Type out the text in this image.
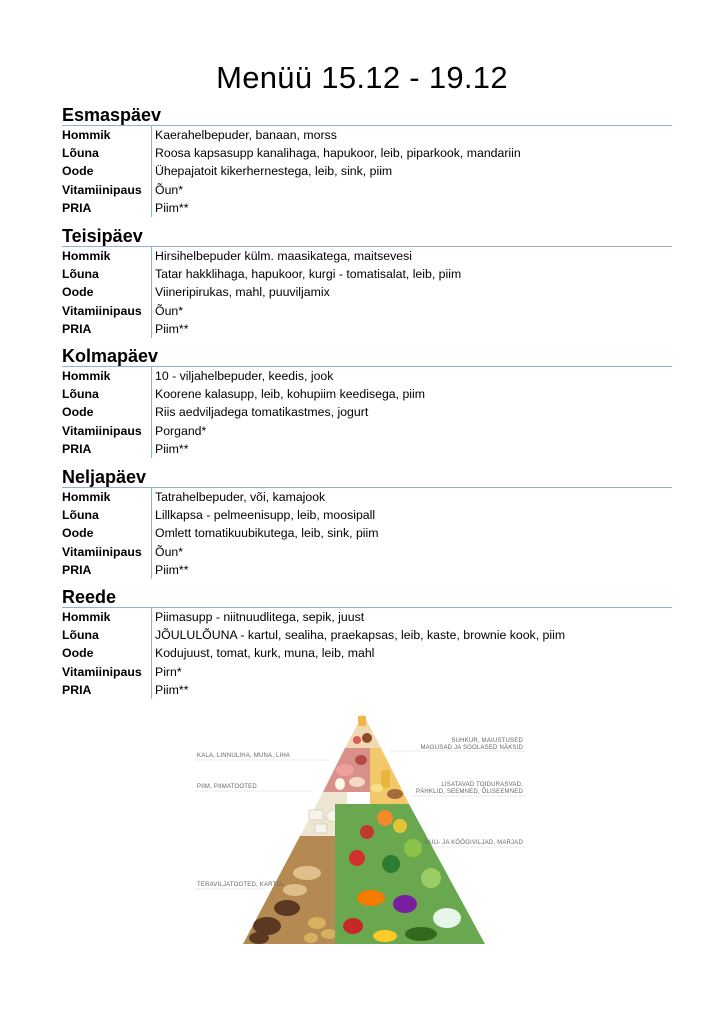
Menüü 15.12 - 19.12
Esmaspäev
Hommik	Kaerahelbepuder, banaan, morss
Lõuna	Roosa kapsasupp kanalihaga, hapukoor, leib, piparkook, mandariin
Oode	Ühepajatoit kikerhernestega, leib, sink, piim
Vitamiinipaus	Õun*
PRIA	Piim**
Teisipäev
Hommik	Hirsihelbepuder külm. maasikatega, maitsevesi
Lõuna	Tatar hakklihaga, hapukoor, kurgi - tomatisalat, leib, piim
Oode	Viineripirukas, mahl, puuviljamix
Vitamiinipaus	Õun*
PRIA	Piim**
Kolmapäev
Hommik	10 - viljahelbepuder, keedis, jook
Lõuna	Koorene kalasupp, leib, kohupiim keedisega, piim
Oode	Riis aedviljadega tomatikastmes, jogurt
Vitamiinipaus	Porgand*
PRIA	Piim**
Neljapäev
Hommik	Tatrahelbepuder, või, kamajook
Lõuna	Lillkapsa - pelmeenisupp, leib, moosipall
Oode	Omlett tomatikuubikutega, leib, sink, piim
Vitamiinipaus	Õun*
PRIA	Piim**
Reede
Hommik	Piimasupp - niitnuudlitega, sepik, juust
Lõuna	JÕULULÕUNA - kartul, sealiha, praekapsas, leib, kaste, brownie kook, piim
Oode	Kodujuust, tomat, kurk, muna, leib, mahl
Vitamiinipaus	Pirn*
PRIA	Piim**
KALA, LINNULIHA, MUNA, LIHA
PIIM, PIIMATOOTED
TERAVILJATOOTED, KARTUL
SUHKUR, MAIUSTUSED
MAGUSAD JA SOOLASED NÄKSID
LISATAVAD TOIDURASVAD,
PÄHKLID, SEEMNED, ÕLISEEMNED
PUU- JA KÖÖGIVILJAD, MARJAD
